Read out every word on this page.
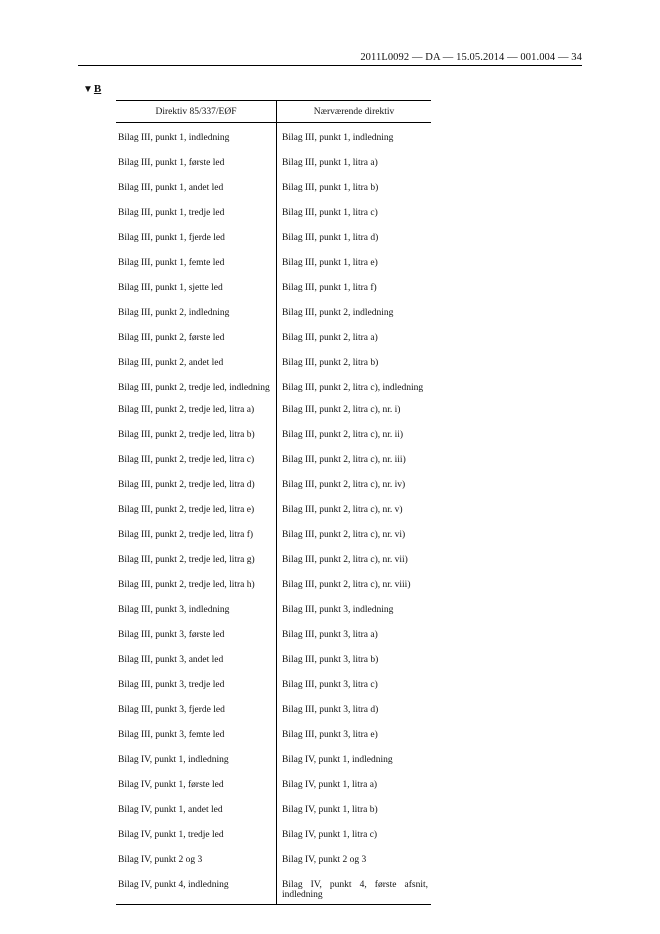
2011L0092 — DA — 15.05.2014 — 001.004 — 34
▼B
Direktiv 85/337/EØF	Nærværende direktiv
Bilag III, punkt 1, indledning	Bilag III, punkt 1, indledning
Bilag III, punkt 1, første led	Bilag III, punkt 1, litra a)
Bilag III, punkt 1, andet led	Bilag III, punkt 1, litra b)
Bilag III, punkt 1, tredje led	Bilag III, punkt 1, litra c)
Bilag III, punkt 1, fjerde led	Bilag III, punkt 1, litra d)
Bilag III, punkt 1, femte led	Bilag III, punkt 1, litra e)
Bilag III, punkt 1, sjette led	Bilag III, punkt 1, litra f)
Bilag III, punkt 2, indledning	Bilag III, punkt 2, indledning
Bilag III, punkt 2, første led	Bilag III, punkt 2, litra a)
Bilag III, punkt 2, andet led	Bilag III, punkt 2, litra b)
Bilag III, punkt 2, tredje led, indledning	Bilag III, punkt 2, litra c), indledning
Bilag III, punkt 2, tredje led, litra a)	Bilag III, punkt 2, litra c), nr. i)
Bilag III, punkt 2, tredje led, litra b)	Bilag III, punkt 2, litra c), nr. ii)
Bilag III, punkt 2, tredje led, litra c)	Bilag III, punkt 2, litra c), nr. iii)
Bilag III, punkt 2, tredje led, litra d)	Bilag III, punkt 2, litra c), nr. iv)
Bilag III, punkt 2, tredje led, litra e)	Bilag III, punkt 2, litra c), nr. v)
Bilag III, punkt 2, tredje led, litra f)	Bilag III, punkt 2, litra c), nr. vi)
Bilag III, punkt 2, tredje led, litra g)	Bilag III, punkt 2, litra c), nr. vii)
Bilag III, punkt 2, tredje led, litra h)	Bilag III, punkt 2, litra c), nr. viii)
Bilag III, punkt 3, indledning	Bilag III, punkt 3, indledning
Bilag III, punkt 3, første led	Bilag III, punkt 3, litra a)
Bilag III, punkt 3, andet led	Bilag III, punkt 3, litra b)
Bilag III, punkt 3, tredje led	Bilag III, punkt 3, litra c)
Bilag III, punkt 3, fjerde led	Bilag III, punkt 3, litra d)
Bilag III, punkt 3, femte led	Bilag III, punkt 3, litra e)
Bilag IV, punkt 1, indledning	Bilag IV, punkt 1, indledning
Bilag IV, punkt 1, første led	Bilag IV, punkt 1, litra a)
Bilag IV, punkt 1, andet led	Bilag IV, punkt 1, litra b)
Bilag IV, punkt 1, tredje led	Bilag IV, punkt 1, litra c)
Bilag IV, punkt 2 og 3	Bilag IV, punkt 2 og 3
Bilag IV, punkt 4, indledning	Bilag IV, punkt 4, første afsnit, indledning
